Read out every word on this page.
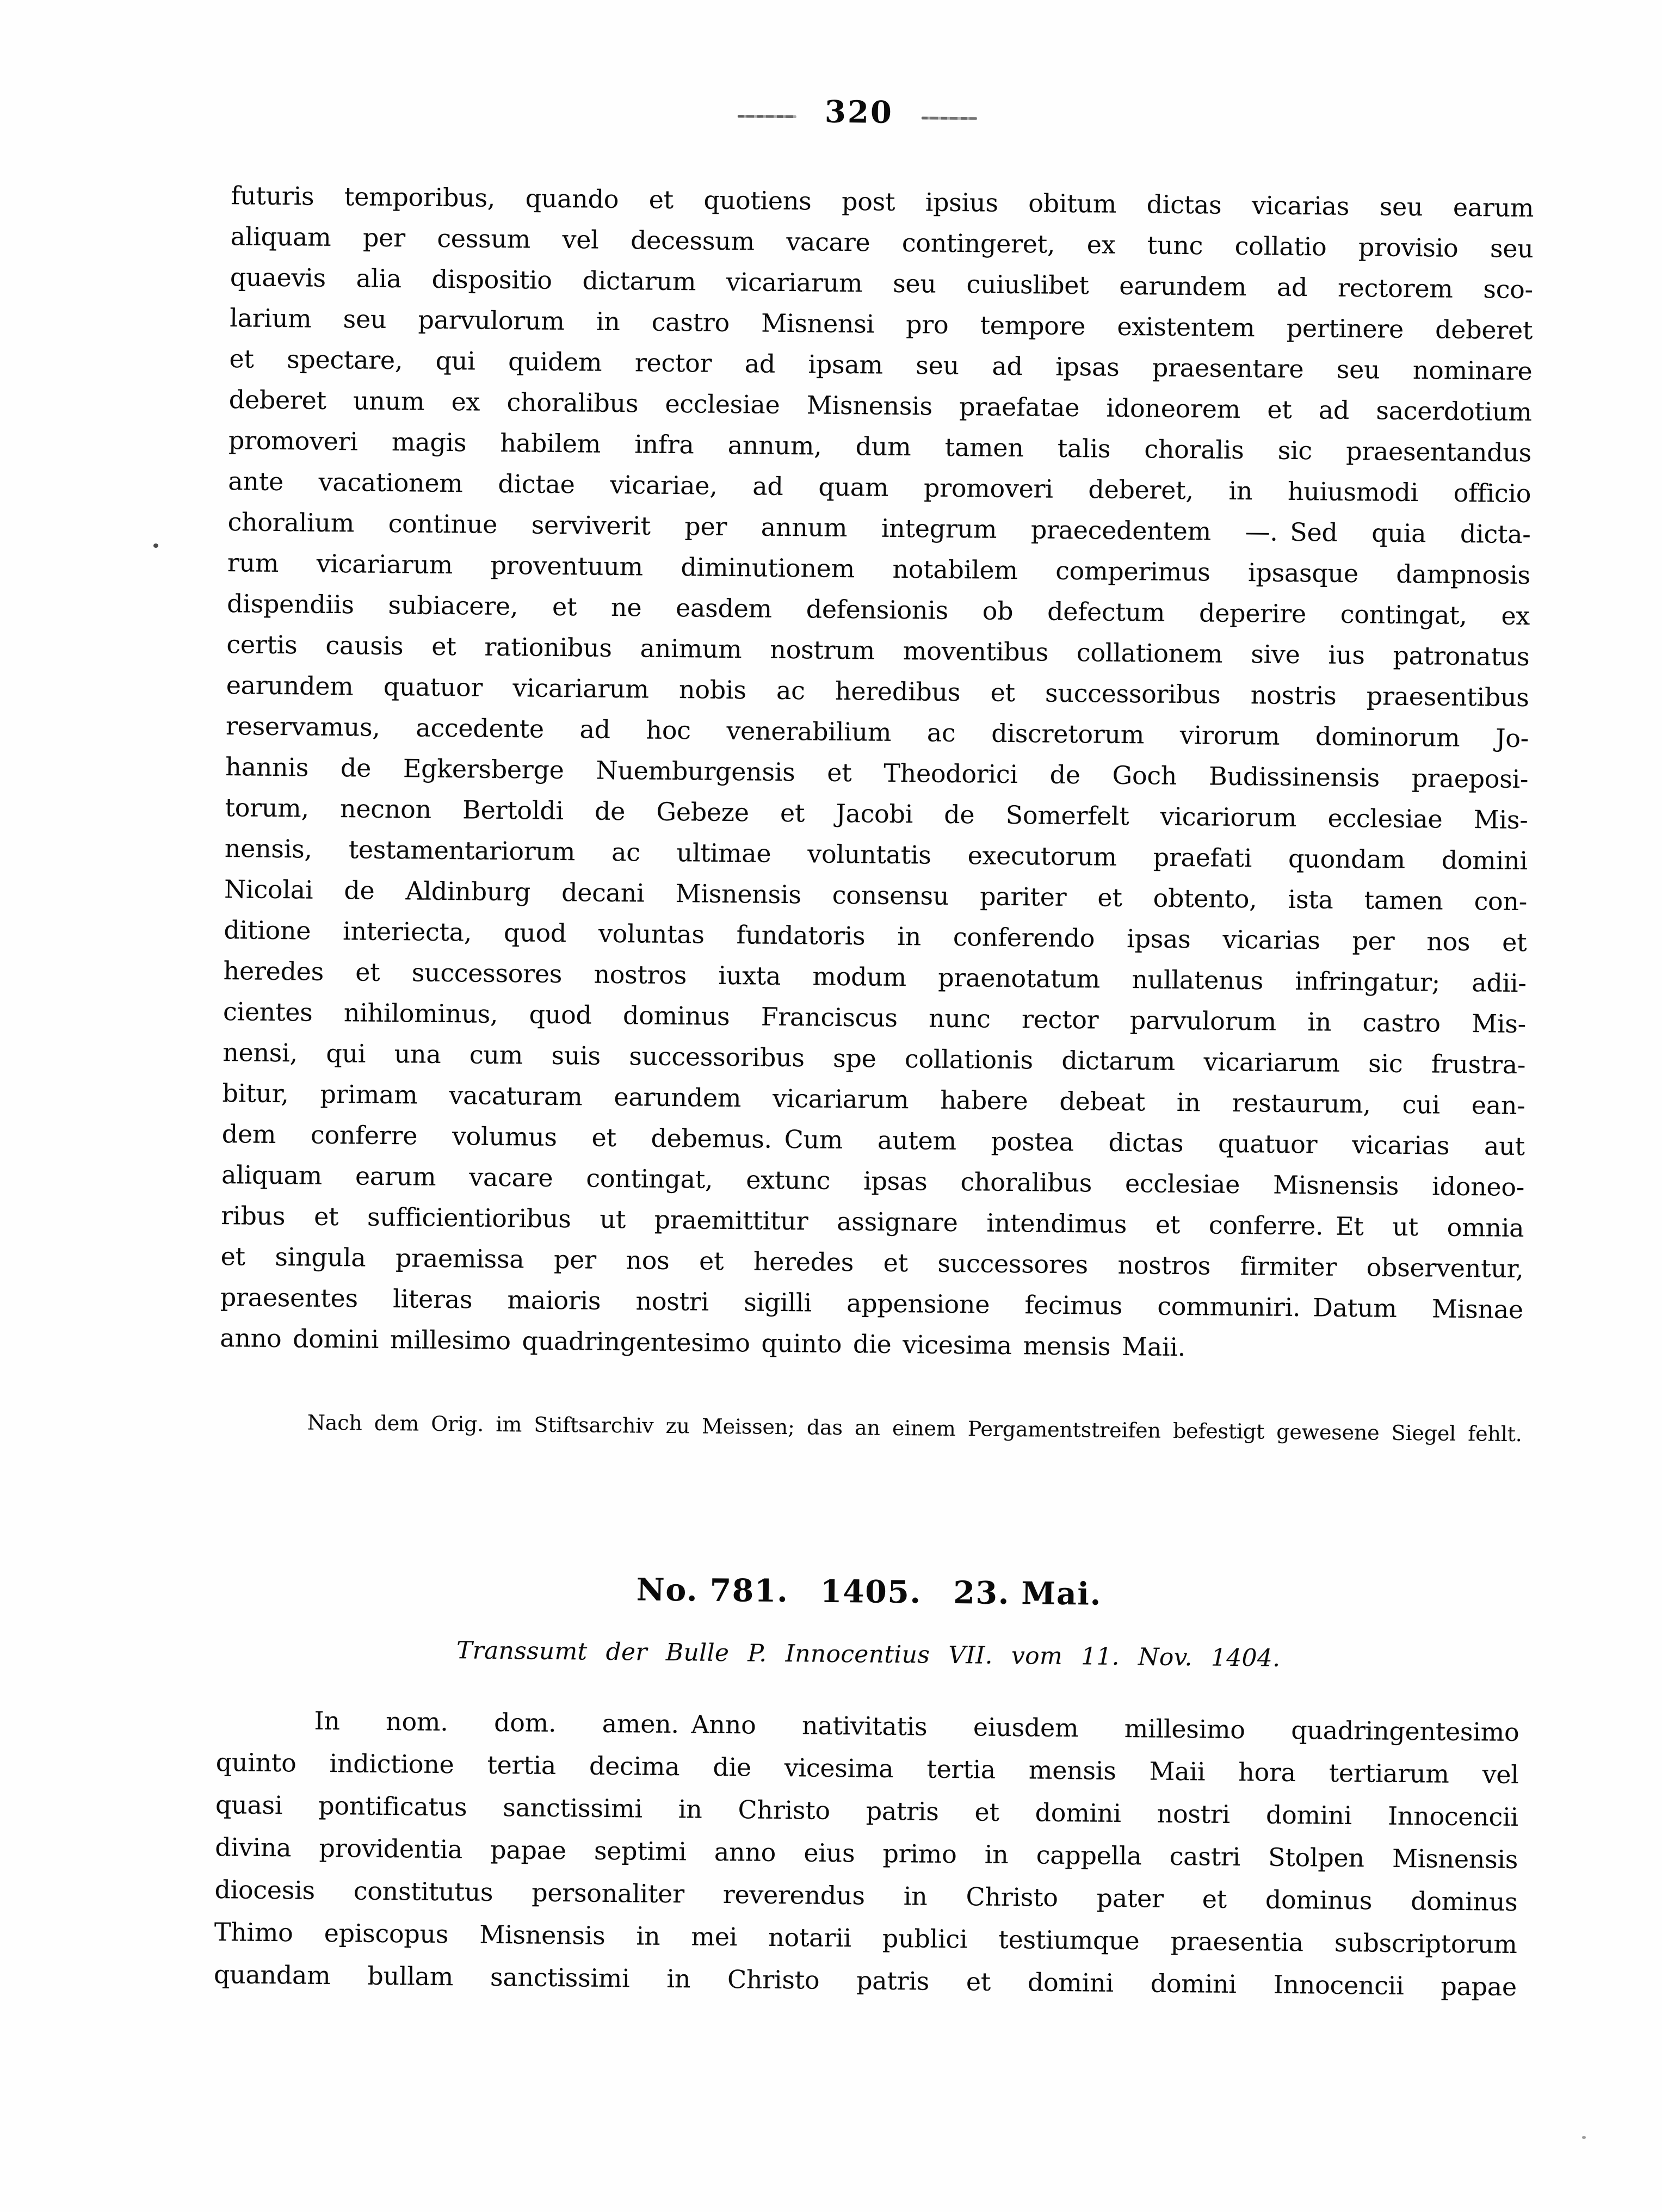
320
futuris temporibus, quando et quotiens post ipsius obitum dictas vicarias seu earum
aliquam per cessum vel decessum vacare contingeret, ex tunc collatio provisio seu
quaevis alia dispositio dictarum vicariarum seu cuiuslibet earundem ad rectorem sco-
larium seu parvulorum in castro Misnensi pro tempore existentem pertinere deberet
et spectare, qui quidem rector ad ipsam seu ad ipsas praesentare seu nominare
deberet unum ex choralibus ecclesiae Misnensis praefatae idoneorem et ad sacerdotium
promoveri magis habilem infra annum, dum tamen talis choralis sic praesentandus
ante vacationem dictae vicariae, ad quam promoveri deberet, in huiusmodi officio
choralium continue serviverit per annum integrum praecedentem —. Sed quia dicta-
rum vicariarum proventuum diminutionem notabilem comperimus ipsasque dampnosis
dispendiis subiacere, et ne easdem defensionis ob defectum deperire contingat, ex
certis causis et rationibus animum nostrum moventibus collationem sive ius patronatus
earundem quatuor vicariarum nobis ac heredibus et successoribus nostris praesentibus
reservamus, accedente ad hoc venerabilium ac discretorum virorum dominorum Jo-
hannis de Egkersberge Nuemburgensis et Theodorici de Goch Budissinensis praeposi-
torum, necnon Bertoldi de Gebeze et Jacobi de Somerfelt vicariorum ecclesiae Mis-
nensis, testamentariorum ac ultimae voluntatis executorum praefati quondam domini
Nicolai de Aldinburg decani Misnensis consensu pariter et obtento, ista tamen con-
ditione interiecta, quod voluntas fundatoris in conferendo ipsas vicarias per nos et
heredes et successores nostros iuxta modum praenotatum nullatenus infringatur; adii-
cientes nihilominus, quod dominus Franciscus nunc rector parvulorum in castro Mis-
nensi, qui una cum suis successoribus spe collationis dictarum vicariarum sic frustra-
bitur, primam vacaturam earundem vicariarum habere debeat in restaurum, cui ean-
dem conferre volumus et debemus. Cum autem postea dictas quatuor vicarias aut
aliquam earum vacare contingat, extunc ipsas choralibus ecclesiae Misnensis idoneo-
ribus et sufficientioribus ut praemittitur assignare intendimus et conferre. Et ut omnia
et singula praemissa per nos et heredes et successores nostros firmiter observentur,
praesentes literas maioris nostri sigilli appensione fecimus communiri. Datum Misnae
anno domini millesimo quadringentesimo quinto die vicesima mensis Maii.

Nach dem Orig. im Stiftsarchiv zu Meissen; das an einem Pergamentstreifen befestigt gewesene Siegel fehlt.

No. 781. 1405. 23. Mai.

Transsumt der Bulle P. Innocentius VII. vom 11. Nov. 1404.

In nom. dom. amen. Anno nativitatis eiusdem millesimo quadringentesimo
quinto indictione tertia decima die vicesima tertia mensis Maii hora tertiarum vel
quasi pontificatus sanctissimi in Christo patris et domini nostri domini Innocencii
divina providentia papae septimi anno eius primo in cappella castri Stolpen Misnensis
diocesis constitutus personaliter reverendus in Christo pater et dominus dominus
Thimo episcopus Misnensis in mei notarii publici testiumque praesentia subscriptorum
quandam bullam sanctissimi in Christo patris et domini domini Innocencii papae
